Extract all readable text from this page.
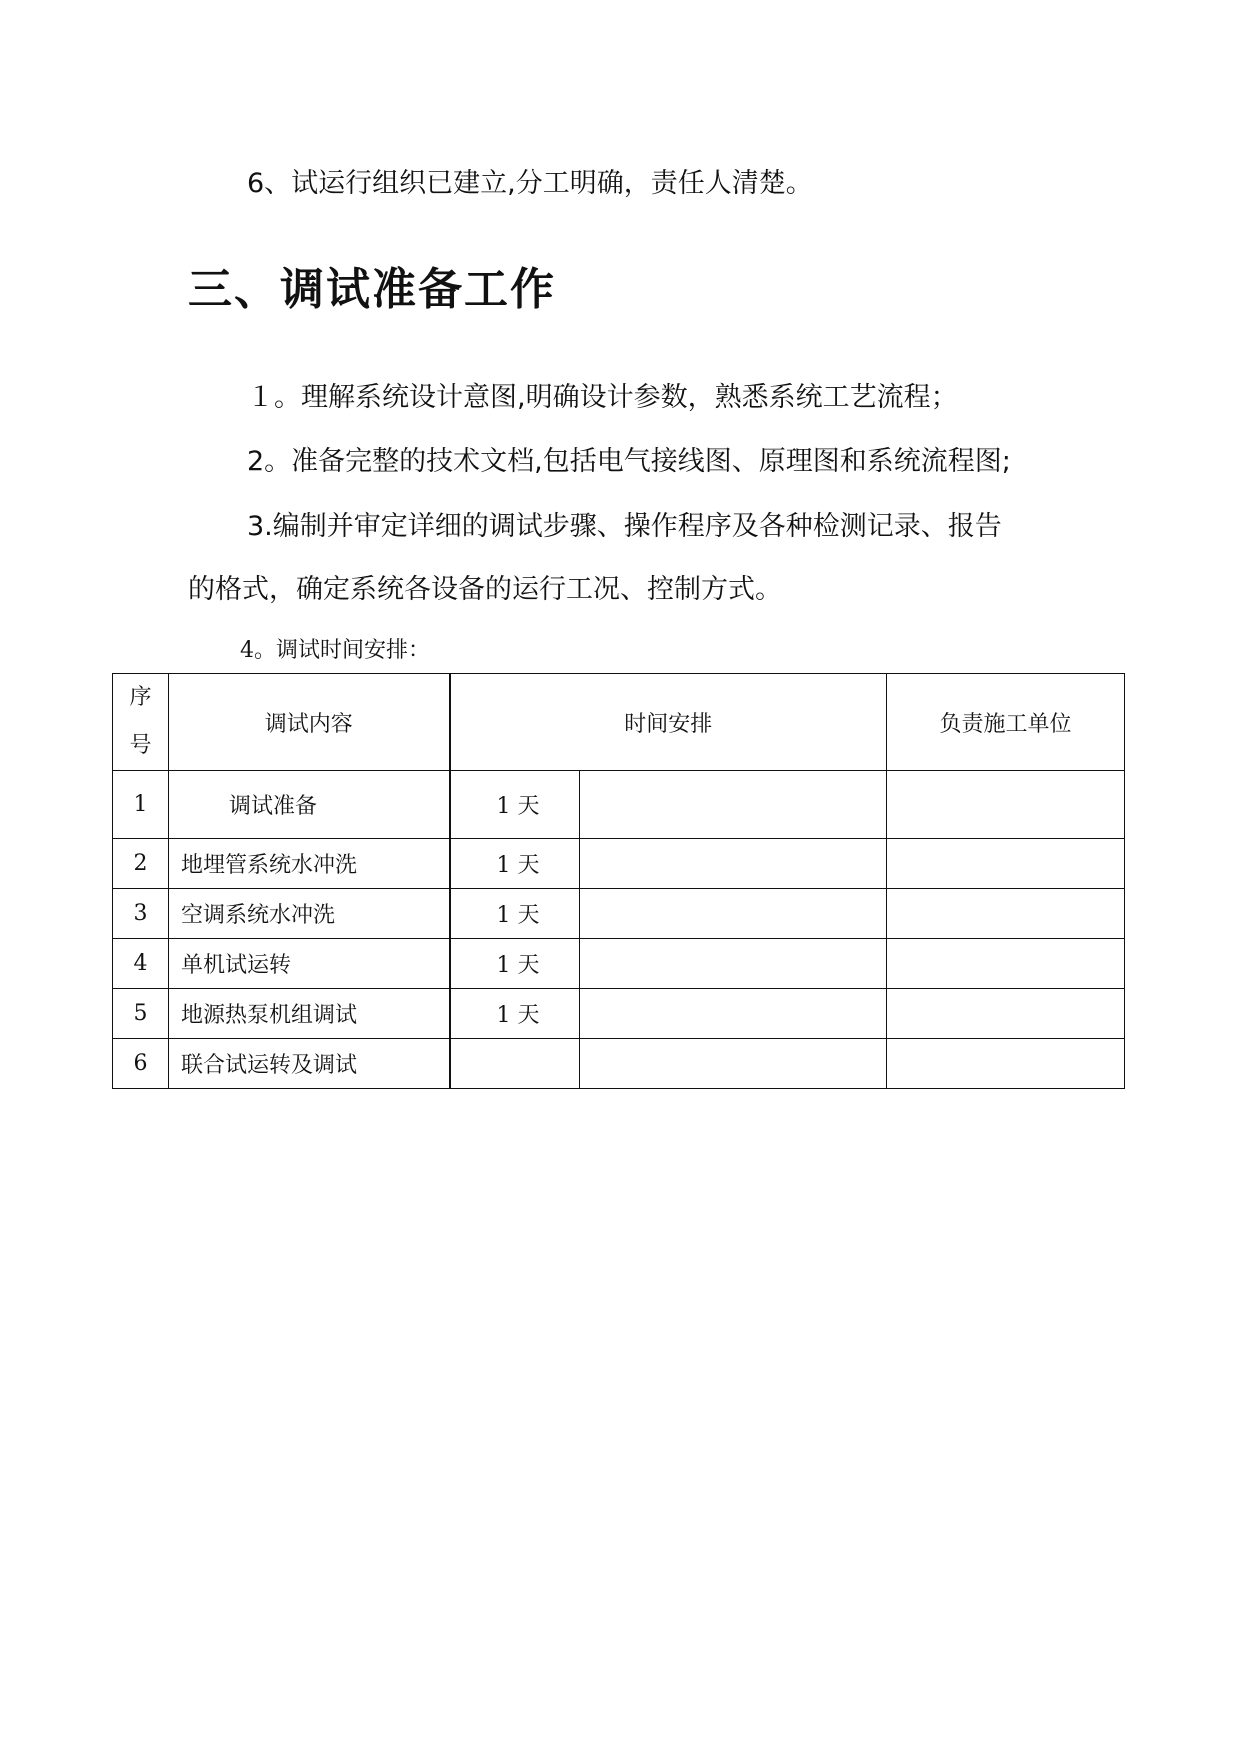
6、试运行组织已建立,分工明确，责任人清楚。

三、调试准备工作

１。理解系统设计意图,明确设计参数，熟悉系统工艺流程；

2。准备完整的技术文档,包括电气接线图、原理图和系统流程图;

3.编制并审定详细的调试步骤、操作程序及各种检测记录、报告

的格式，确定系统各设备的运行工况、控制方式。

4。调试时间安排：

序
号	调试内容	时间安排		负责施工单位
1	调试准备	1 天		
2	地埋管系统水冲洗	1 天		
3	空调系统水冲洗	1 天		
4	单机试运转	1 天		
5	地源热泵机组调试	1 天		
6	联合试运转及调试			
